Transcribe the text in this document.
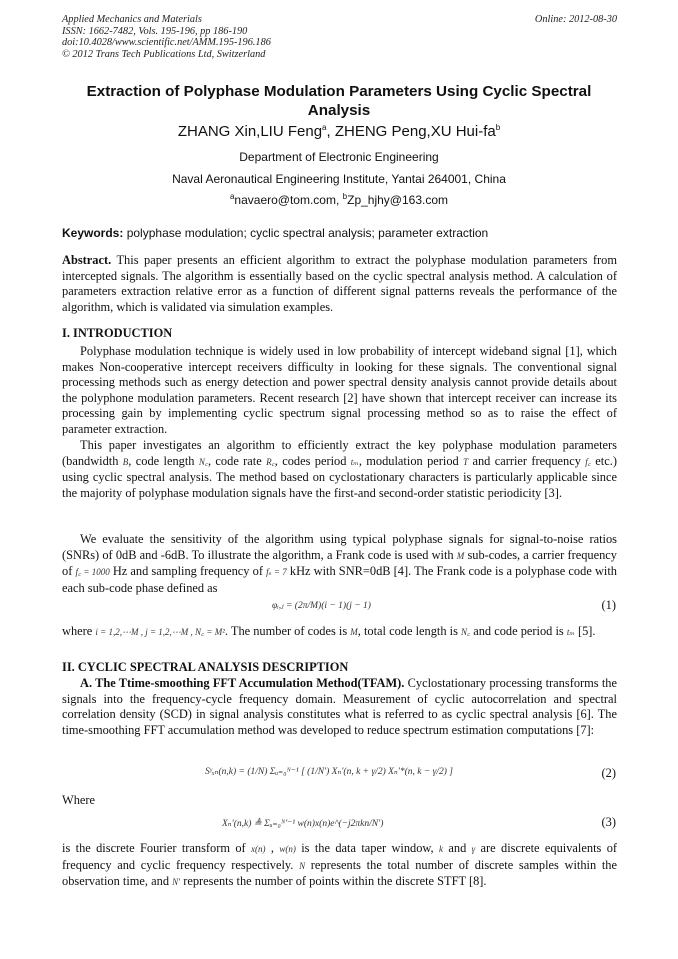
Applied Mechanics and Materials
ISSN: 1662-7482, Vols. 195-196, pp 186-190
doi:10.4028/www.scientific.net/AMM.195-196.186
© 2012 Trans Tech Publications Ltd, Switzerland
Online: 2012-08-30
Extraction of Polyphase Modulation Parameters Using Cyclic Spectral Analysis
ZHANG Xin,LIU Feng$^a$, ZHENG Peng,XU Hui-$fa^b$
Department of Electronic Engineering
Naval Aeronautical Engineering Institute, Yantai 264001, China
$^a$navaero@tom.com, $^b$Zp_hjhy@163.com
Keywords: polyphase modulation; cyclic spectral analysis; parameter extraction
Abstract. This paper presents an efficient algorithm to extract the polyphase modulation parameters from intercepted signals. The algorithm is essentially based on the cyclic spectral analysis method. A calculation of parameters extraction relative error as a function of different signal patterns reveals the performance of the algorithm, which is validated via simulation examples.
I. INTRODUCTION
Polyphase modulation technique is widely used in low probability of intercept wideband signal [1], which makes Non-cooperative intercept receivers difficulty in looking for these signals. The conventional signal processing methods such as energy detection and power spectral density analysis cannot provide details about the polyphone modulation parameters. Recent research [2] have shown that intercept receiver can increase its processing gain by implementing cyclic spectrum signal processing method so as to raise the effect of parameter extraction.
This paper investigates an algorithm to efficiently extract the key polyphase modulation parameters (bandwidth B, code length N꜀, code rate R꜀, codes period tₘ, modulation period T and carrier frequency f꜀ etc.) using cyclic spectral analysis. The method based on cyclostationary characters is particularly applicable since the majority of polyphase modulation signals have the first-and second-order statistic periodicity [3].
We evaluate the sensitivity of the algorithm using typical polyphase signals for signal-to-noise ratios (SNRs) of 0dB and -6dB. To illustrate the algorithm, a Frank code is used with M sub-codes, a carrier frequency of f꜀ = 1000 Hz and sampling frequency of fₛ = 7 kHz with SNR=0dB [4]. The Frank code is a polyphase code with each sub-code phase defined as
φᵢ,ⱼ = (2π/M)(i − 1)(j − 1)	(1)
where i = 1,2,⋯M , j = 1,2,⋯M , N꜀ = M². The number of codes is M, total code length is N꜀ and code period is tₘ [5].
II. CYCLIC SPECTRAL ANALYSIS DESCRIPTION
A. The Ttime-smoothing FFT Accumulation Method(TFAM). Cyclostationary processing transforms the signals into the frequency-cycle frequency domain. Measurement of cyclic autocorrelation and spectral correlation density (SCD) in signal analysis constitutes what is referred to as cyclic spectral analysis [6]. The time-smoothing FFT accumulation method was developed to reduce spectrum estimation computations [7]:
Sᵞₓₙ(n,k) = (1/N) Σᵤ₌₀ᴺ⁻¹ [ (1/N′) Xₙ′(n, k + γ/2) Xₙ′*(n, k − γ/2) ]	(2)
Where
Xₙ′(n,k) ≜ Σᵤ₌₀ᴺ′⁻¹ w(n)x(n)e^(−j2πkn/N′)	(3)
is the discrete Fourier transform of x(n) , w(n) is the data taper window, k and γ are discrete equivalents of frequency and cyclic frequency respectively. N represents the total number of discrete samples within the observation time, and N′ represents the number of points within the discrete STFT [8].
